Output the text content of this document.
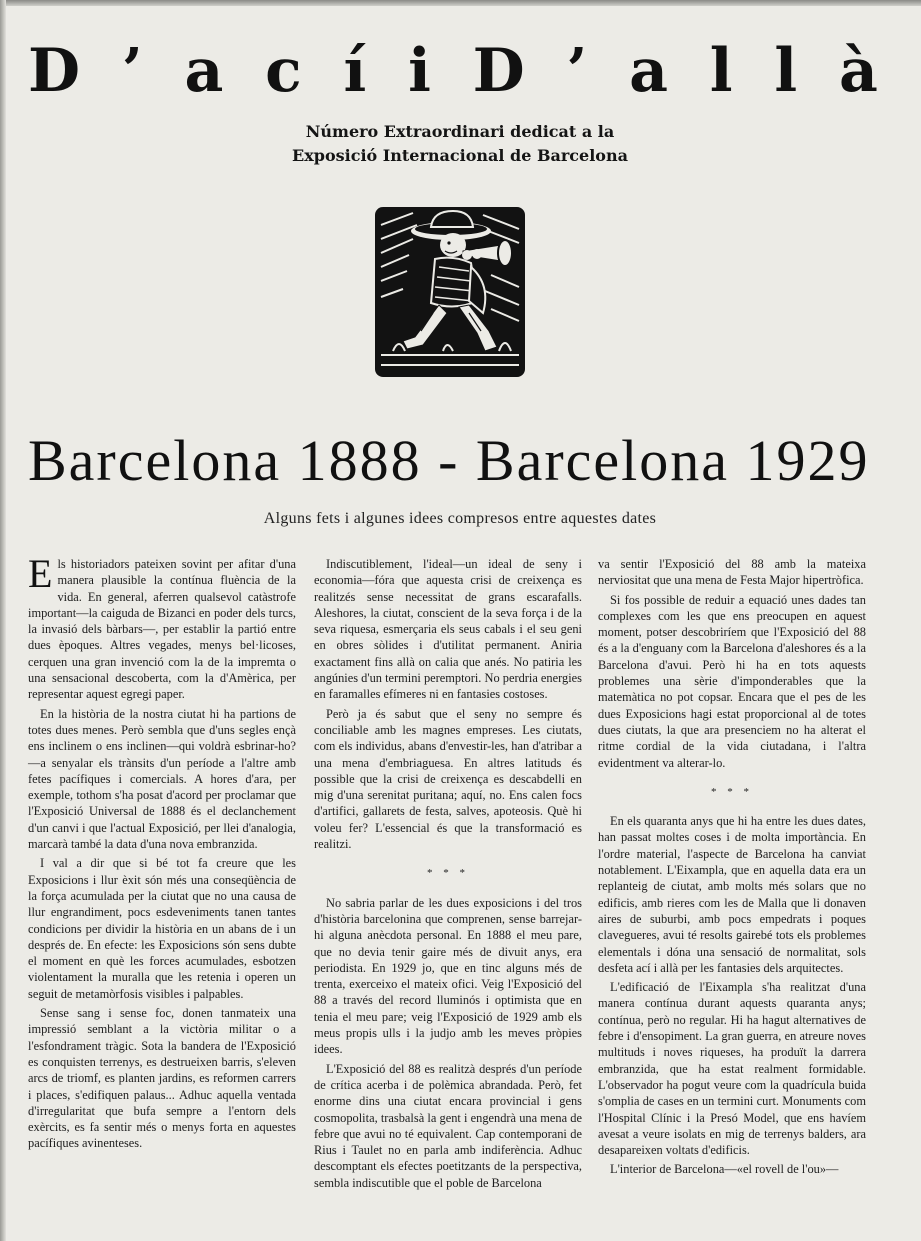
D ’ a c í i D ’ a l l à
Número Extraordinari dedicat a la
Exposició Internacional de Barcelona
Barcelona 1888 - Barcelona 1929
Alguns fets i algunes idees compresos entre aquestes dates

Els historiadors pateixen sovint per afitar d'una manera plausible la contínua fluència de la vida. En general, aferren qualsevol catàstrofe important—la caiguda de Bizanci en poder dels turcs, la invasió dels bàrbars—, per establir la partió entre dues èpoques. Altres vegades, menys bel·licoses, cerquen una gran invenció com la de la impremta o una sensacional descoberta, com la d'Amèrica, per representar aquest egregi paper.

En la història de la nostra ciutat hi ha partions de totes dues menes. Però sembla que d'uns segles ençà ens inclinem o ens inclinen—qui voldrà esbrinar-ho?—a senyalar els trànsits d'un període a l'altre amb fetes pacífiques i comercials. A hores d'ara, per exemple, tothom s'ha posat d'acord per proclamar que l'Exposició Universal de 1888 és el declanchement d'un canvi i que l'actual Exposició, per llei d'analogia, marcarà també la data d'una nova embranzida.

I val a dir que si bé tot fa creure que les Exposicions i llur èxit són més una conseqüència de la força acumulada per la ciutat que no una causa de llur engrandiment, pocs esdeveniments tanen tantes condicions per dividir la història en un abans de i un després de. En efecte: les Exposicions són sens dubte el moment en què les forces acumulades, esbotzen violentament la muralla que les retenia i operen un seguit de metamòrfosis visibles i palpables.

Sense sang i sense foc, donen tanmateix una impressió semblant a la victòria militar o a l'esfondrament tràgic. Sota la bandera de l'Exposició es conquisten terrenys, es destrueixen barris, s'eleven arcs de triomf, es planten jardins, es reformen carrers i places, s'edifiquen palaus... Adhuc aquella ventada d'irregularitat que bufa sempre a l'entorn dels exèrcits, es fa sentir més o menys forta en aquestes pacífiques avinenteses.

Indiscutiblement, l'ideal—un ideal de seny i economia—fóra que aquesta crisi de creixença es realitzés sense necessitat de grans escarafalls. Aleshores, la ciutat, conscient de la seva força i de la seva riquesa, esmerçaria els seus cabals i el seu geni en obres sòlides i d'utilitat permanent. Aniria exactament fins allà on calia que anés. No patiria les angúnies d'un termini peremptori. No perdria energies en faramalles efímeres ni en fantasies costoses.

Però ja és sabut que el seny no sempre és conciliable amb les magnes empreses. Les ciutats, com els individus, abans d'envestir-les, han d'atribar a una mena d'embriaguesa. En altres latituds és possible que la crisi de creixença es descabdelli en mig d'una serenitat puritana; aquí, no. Ens calen focs d'artifici, gallarets de festa, salves, apoteosis. Què hi voleu fer? L'essencial és que la transformació es realitzi.

* * *

No sabria parlar de les dues exposicions i del tros d'història barcelonina que comprenen, sense barrejar-hi alguna anècdota personal. En 1888 el meu pare, que no devia tenir gaire més de divuit anys, era periodista. En 1929 jo, que en tinc alguns més de trenta, exerceixo el mateix ofici. Veig l'Exposició del 88 a través del record lluminós i optimista que en tenia el meu pare; veig l'Exposició de 1929 amb els meus propis ulls i la judjo amb les meves pròpies idees.

L'Exposició del 88 es realitzà després d'un període de crítica acerba i de polèmica abrandada. Però, fet enorme dins una ciutat encara provincial i gens cosmopolita, trasbalsà la gent i engendrà una mena de febre que avui no té equivalent. Cap contemporani de Rius i Taulet no en parla amb indiferència. Adhuc descomptant els efectes poetitzants de la perspectiva, sembla indiscutible que el poble de Barcelona

va sentir l'Exposició del 88 amb la mateixa nerviositat que una mena de Festa Major hipertròfica.

Si fos possible de reduir a equació unes dades tan complexes com les que ens preocupen en aquest moment, potser descobriríem que l'Exposició del 88 és a la d'enguany com la Barcelona d'aleshores és a la Barcelona d'avui. Però hi ha en tots aquests problemes una sèrie d'imponderables que la matemàtica no pot copsar. Encara que el pes de les dues Exposicions hagi estat proporcional al de totes dues ciutats, la que ara presenciem no ha alterat el ritme cordial de la vida ciutadana, i l'altra evidentment va alterar-lo.

* * *

En els quaranta anys que hi ha entre les dues dates, han passat moltes coses i de molta importància. En l'ordre material, l'aspecte de Barcelona ha canviat notablement. L'Eixampla, que en aquella data era un replanteig de ciutat, amb molts més solars que no edificis, amb rieres com les de Malla que li donaven aires de suburbi, amb pocs empedrats i poques clavegueres, avui té resolts gairebé tots els problemes elementals i dóna una sensació de normalitat, sols desfeta ací i allà per les fantasies dels arquitectes.

L'edificació de l'Eixampla s'ha realitzat d'una manera contínua durant aquests quaranta anys; contínua, però no regular. Hi ha hagut alternatives de febre i d'ensopiment. La gran guerra, en atreure noves multituds i noves riqueses, ha produït la darrera embranzida, que ha estat realment formidable. L'observador ha pogut veure com la quadrícula buida s'omplia de cases en un termini curt. Monuments com l'Hospital Clínic i la Presó Model, que ens havíem avesat a veure isolats en mig de terrenys balders, ara desapareixen voltats d'edificis.

L'interior de Barcelona—«el rovell de l'ou»—
